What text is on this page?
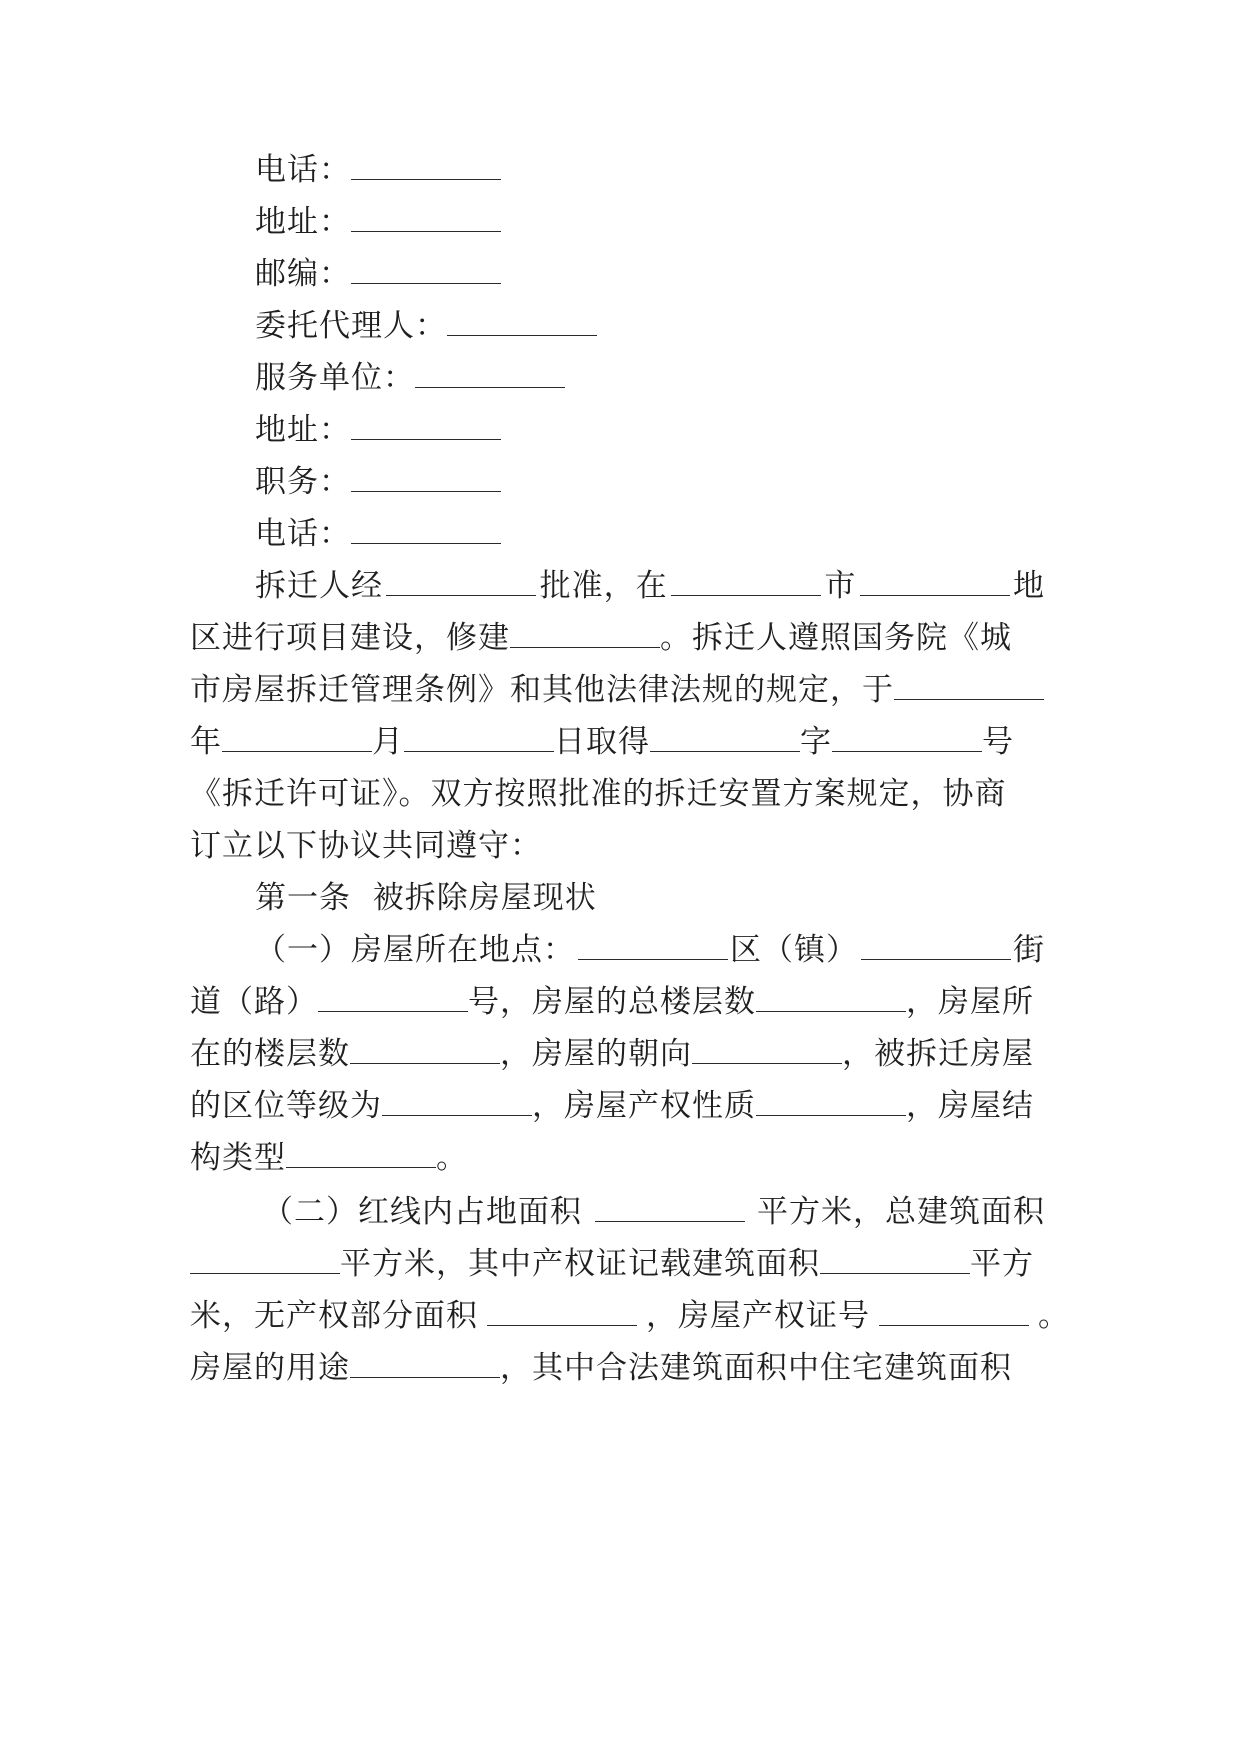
电话：

地址：

邮编：

委托代理人：

服务单位：

地址：

职务：

电话：

拆迁人经	批准，在	市	地

区进行项目建设，修建	。拆迁人遵照国务院《城

市房屋拆迁管理条例》和其他法律法规的规定，于

年	月	日取得	字	号

《拆迁许可证》。双方按照批准的拆迁安置方案规定，协商

订立以下协议共同遵守：

第一条  被拆除房屋现状

（一）房屋所在地点：	区（镇）	街

道（路）	号，房屋的总楼层数	，房屋所

在的楼层数	，房屋的朝向	，被拆迁房屋

的区位等级为	，房屋产权性质	，房屋结

构类型	。

（二）红线内占地面积	平方米，总建筑面积

平方米，其中产权证记载建筑面积	平方

米，无产权部分面积	，房屋产权证号	。

房屋的用途	，其中合法建筑面积中住宅建筑面积
